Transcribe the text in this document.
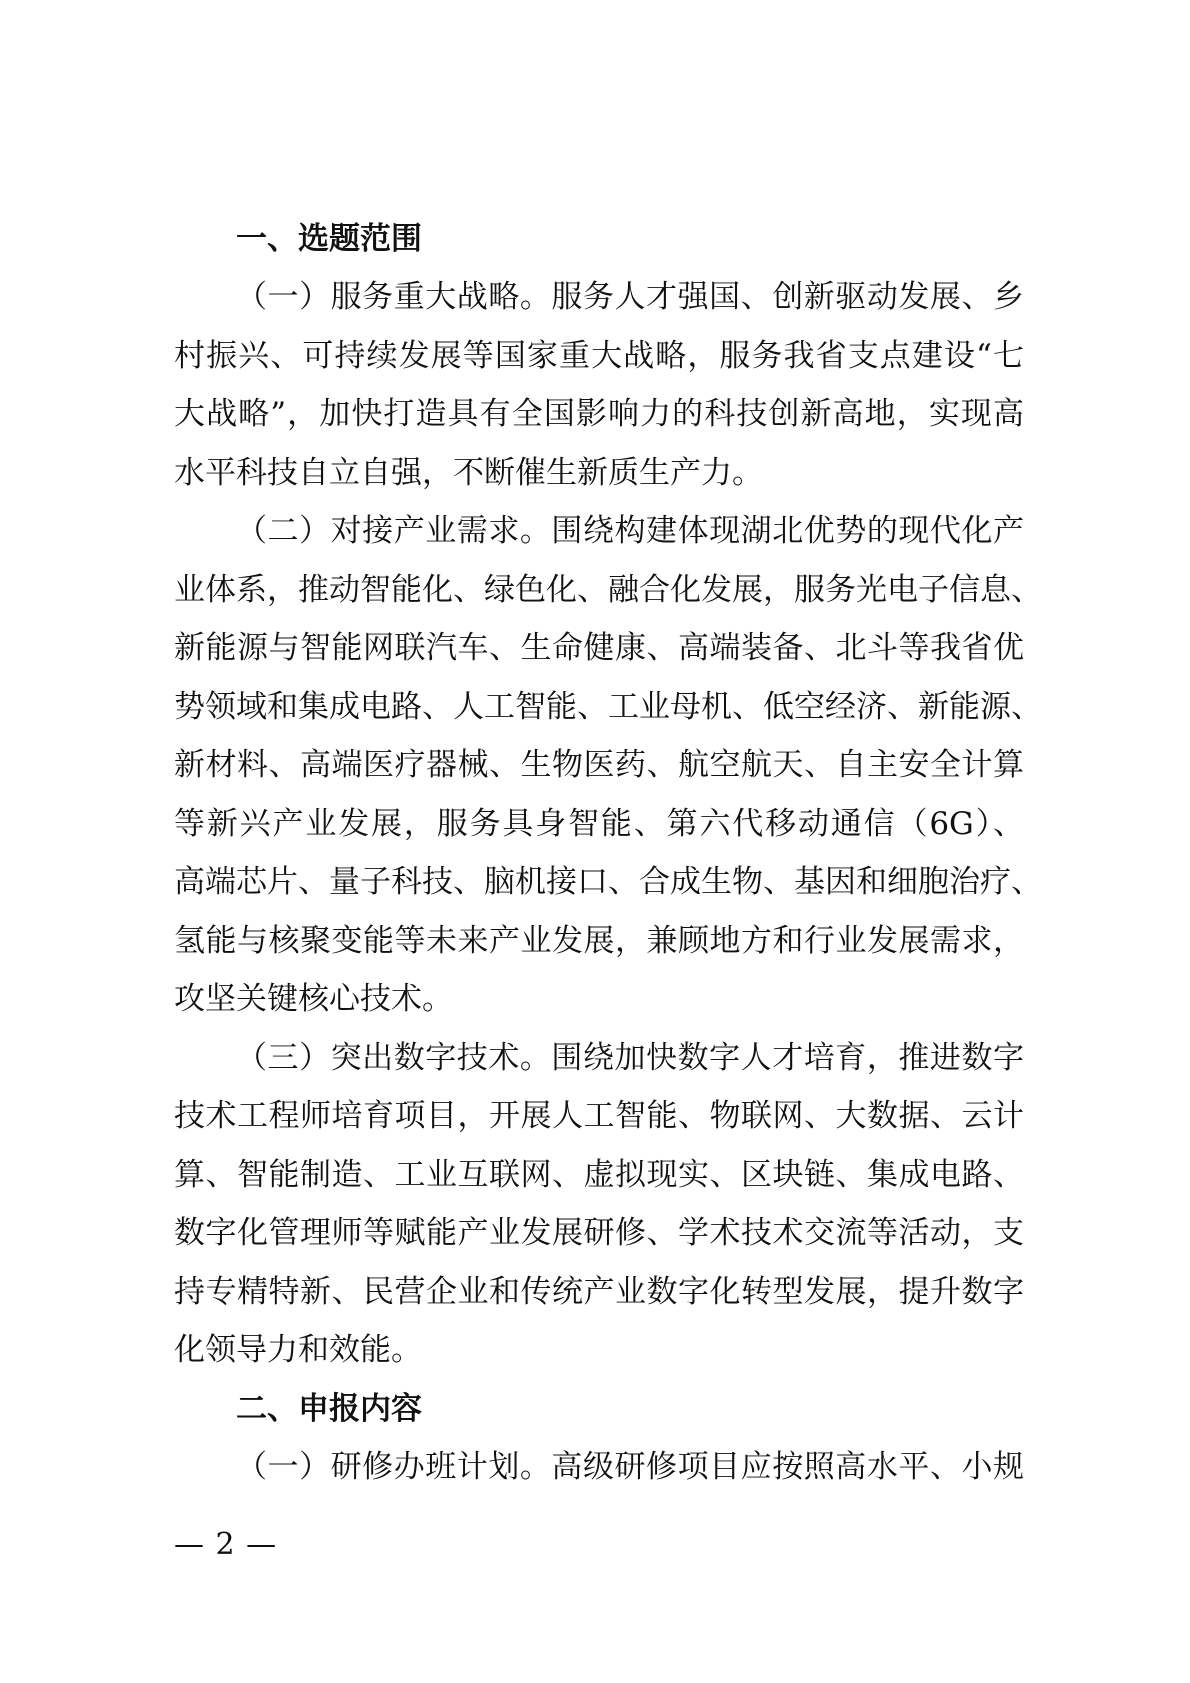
一、选题范围
（一）服务重大战略。服务人才强国、创新驱动发展、乡
村振兴、可持续发展等国家重大战略，服务我省支点建设“七
大战略”，加快打造具有全国影响力的科技创新高地，实现高
水平科技自立自强，不断催生新质生产力。
（二）对接产业需求。围绕构建体现湖北优势的现代化产
业体系，推动智能化、绿色化、融合化发展，服务光电子信息、
新能源与智能网联汽车、生命健康、高端装备、北斗等我省优
势领域和集成电路、人工智能、工业母机、低空经济、新能源、
新材料、高端医疗器械、生物医药、航空航天、自主安全计算
等新兴产业发展，服务具身智能、第六代移动通信（6G）、
高端芯片、量子科技、脑机接口、合成生物、基因和细胞治疗、
氢能与核聚变能等未来产业发展，兼顾地方和行业发展需求，
攻坚关键核心技术。
（三）突出数字技术。围绕加快数字人才培育，推进数字
技术工程师培育项目，开展人工智能、物联网、大数据、云计
算、智能制造、工业互联网、虚拟现实、区块链、集成电路、
数字化管理师等赋能产业发展研修、学术技术交流等活动，支
持专精特新、民营企业和传统产业数字化转型发展，提升数字
化领导力和效能。
二、申报内容
（一）研修办班计划。高级研修项目应按照高水平、小规
— 2 —
